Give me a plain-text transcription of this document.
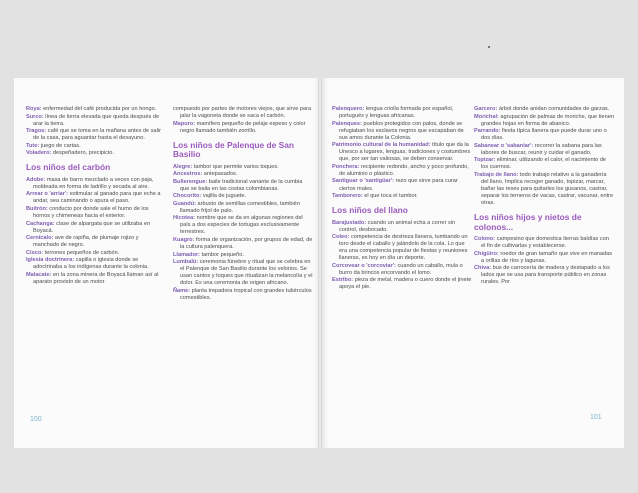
Roya: enfermedad del café producida por un hongo.
Surco: línea de tierra elevada que queda después de arar la tierra.
Tragos: café que se toma en la mañana antes de salir de la casa, para aguantar hasta el desayuno.
Tute: juego de cartas.
Voladero: despeñadero, precipicio.
Los niños del carbón
Adobe: masa de barro mezclado a veces con paja, moldeada en forma de ladrillo y secada al aire.
Arrear o 'arriar': estimular al ganado para que eche a andar, sea caminando o apura el paso.
Buitrón: conducto por donde sale el humo de los hornos y chimeneas hacia el exterior.
Cachanga: clase de alpargata que se utilizaba en Boyacá.
Cernícalo: ave de rapiña, de plumaje rojizo y manchado de negro.
Cisco: terrones pequeños de carbón.
Iglesia doctrinera: capilla o iglesia donde se adoctrinaba a los indígenas durante la colonia.
Malacate: en la zona minera de Boyacá llaman así al aparato provisto de un motor
compuesto por partes de motores viejos, que sirve para jalar la vagoneta donde se saca el carbón.
Mapuro: mamífero pequeño de pelaje espeso y color negro llamado también zorrillo.
Los niños de Palenque de San Basilio
Alegre: tambor que permite varios toques.
Ancestros: antepasados.
Bullerengue: baile tradicional variante de la cumbia que se baila en las costas colombianas.
Chocorito: vajilla de juguete.
Guandú: arbusto de semillas comestibles, también llamado fríjol de palo.
Hicotea: nombre que se da en algunas regiones del país a dos especies de tortugas exclusivamente terrestres.
Kuagro: forma de organización, por grupos de edad, de la cultura palenquera.
Llamador: tambor pequeño.
Lumbalú: ceremonia fúnebre y ritual que se celebra en el Palenque de San Basilio durante los velorios. Se usan cantos y toques que ritualizan la melancolía y el dolor. Es una ceremonia de origen africano.
Ñame: planta trepadora tropical con grandes tubérculos comestibles.
Palenquero: lengua criolla formada por español, portugués y lenguas africanas.
Palenques: pueblos protegidos con palos, donde se refugiaban los esclavos negros que escapaban de sus amos durante la Colonia.
Patrimonio cultural de la humanidad: título que da la Unesco a lugares, lenguas, tradiciones y costumbres que, por ser tan valiosas, se deben conservar.
Ponchera: recipiente redondo, ancho y poco profundo, de aluminio o plástico.
Santiguar o 'santigüar': rezo que sirve para curar ciertos males.
Tamborero: el que toca el tambor.
Los niños del llano
Barajustado: cuando un animal echa a correr sin control, desbocado.
Coleo: competencia de destreza llanera, tumbando un toro desde el caballo y jalándolo de la cola. Lo que era una competencia popular de fiestas y reuniones llaneras, es hoy en día un deporte.
Corcovear o 'corcoviar': cuando un caballo, mula o burro da brincos encorvando el lomo.
Estribo: pieza de metal, madera o cuero donde el jinete apoya el pie.
Garcero: árbol donde anidan comunidades de garzas.
Morichal: agrupación de palmas de moriche, que tienen grandes hojas en forma de abanico.
Parrando: fiesta típica llanera que puede durar uno o dos días.
Sabanear o 'sabaniar': recorrer la sabana para las labores de buscar, reunir y cuidar el ganado.
Topizar: eliminar, utilizando el calor, el nacimiento de los cuernos.
Trabajo de llano: todo trabajo relativo a la ganadería del llano. Implica recoger ganado, topizar, marcar, bañar las reses para quitarles los gusanos, castrar, separar los terneros de vacas, castrar, vacunar, entre otras.
Los niños hijos y nietos de colonos...
Colono: campesino que domestica tierras baldías con el fin de cultivarlas y establecerse.
Chigüiro: roedor de gran tamaño que vive en manadas a orillas de ríos y lagunas.
Chiva: bus de carrocería de madera y destapado a los lados que se usa para transporte público en zonas rurales. Por
100	101
